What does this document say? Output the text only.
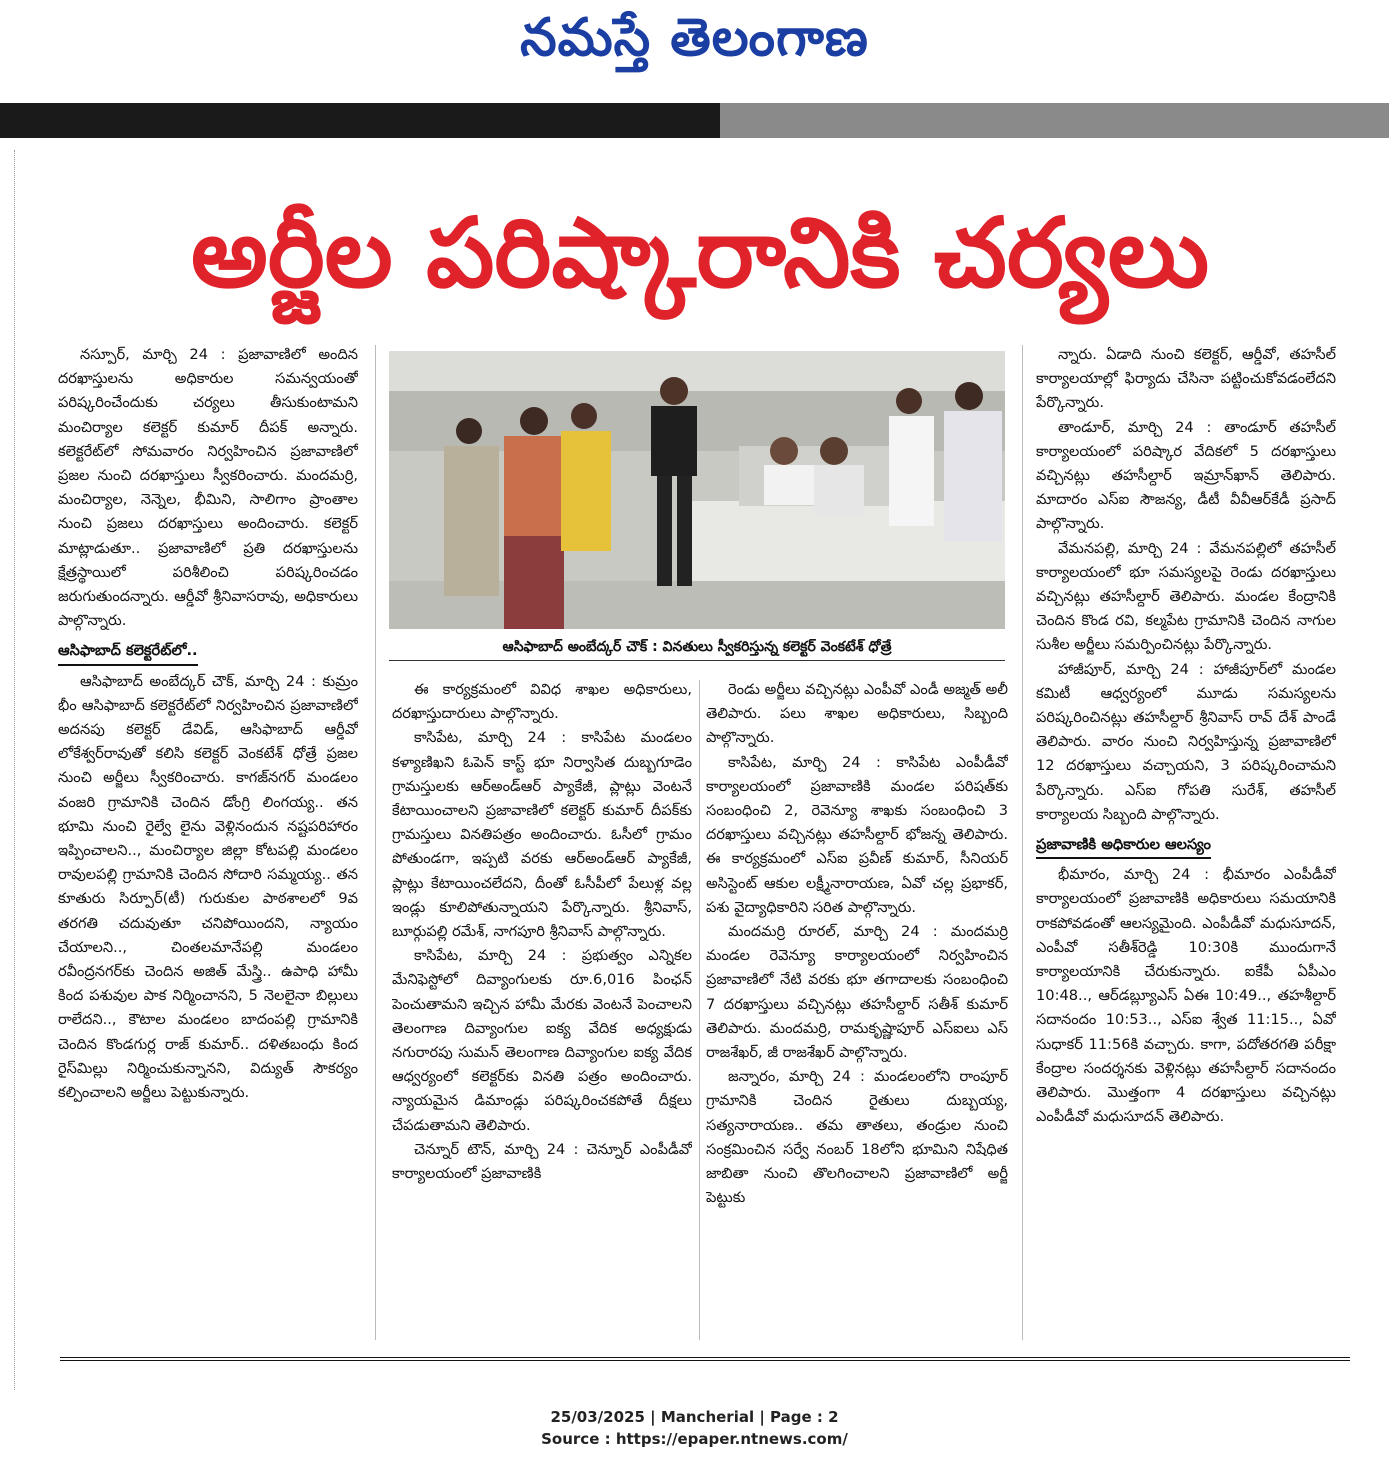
నమస్తే తెలంగాణ
అర్జీల పరిష్కారానికి చర్యలు

నస్పూర్, మార్చి 24 : ప్రజావాణిలో అందిన దరఖాస్తులను అధికారుల సమన్వయంతో పరిష్కరించేందుకు చర్యలు తీసుకుంటామని మంచిర్యాల కలెక్టర్ కుమార్ దీపక్ అన్నారు. కలెక్టరేట్‌లో సోమవారం నిర్వహించిన ప్రజావాణిలో ప్రజల నుంచి దరఖాస్తులు స్వీకరించారు. మందమర్రి, మంచిర్యాల, నెన్నెల, భీమిని, సాలిగాం ప్రాంతాల నుంచి ప్రజలు దరఖాస్తులు అందించారు. కలెక్టర్ మాట్లాడుతూ.. ప్రజావాణిలో ప్రతి దరఖాస్తులను క్షేత్రస్థాయిలో పరిశీలించి పరిష్కరించడం జరుగుతుందన్నారు. ఆర్డీవో శ్రీనివాసరావు, అధికారులు పాల్గొన్నారు.

ఆసిఫాబాద్ కలెక్టరేట్‌లో..

ఆసిఫాబాద్ అంబేద్కర్ చౌక్, మార్చి 24 : కుమ్రం భీం ఆసిఫాబాద్ కలెక్టరేట్‌లో నిర్వహించిన ప్రజావాణిలో అదనపు కలెక్టర్ డేవిడ్, ఆసిఫాబాద్ ఆర్డీవో లోకేశ్వర్‌రావుతో కలిసి కలెక్టర్ వెంకటేశ్ ధోత్రే ప్రజల నుంచి అర్జీలు స్వీకరించారు. కాగజ్‌నగర్ మండలం వంజరి గ్రామానికి చెందిన డోంగ్రి లింగయ్య.. తన భూమి నుంచి రైల్వే లైను వెళ్లినందున నష్టపరిహారం ఇప్పించాలని.., మంచిర్యాల జిల్లా కోటపల్లి మండలం రావులపల్లి గ్రామానికి చెందిన సోదారి సమ్మయ్య.. తన కూతురు సిర్పూర్(టీ) గురుకుల పాఠశాలలో 9వ తరగతి చదువుతూ చనిపోయిందని, న్యాయం చేయాలని.., చింతలమానేపల్లి మండలం రవీంద్రనగర్‌కు చెందిన అజిత్ మేస్త్రి.. ఉపాధి హామీ కింద పశువుల పాక నిర్మించానని, 5 నెలలైనా బిల్లులు రాలేదని.., కౌటాల మండలం బాదంపల్లి గ్రామానికి చెందిన కొండగుర్ల రాజ్ కుమార్.. దళితబంధు కింద రైస్‌మిల్లు నిర్మించుకున్నానని, విద్యుత్ సౌకర్యం కల్పించాలని అర్జీలు పెట్టుకున్నారు.

ఆసిఫాబాద్ అంబేద్కర్ చౌక్ : వినతులు స్వీకరిస్తున్న కలెక్టర్ వెంకటేశ్ ధోత్రే

ఈ కార్యక్రమంలో వివిధ శాఖల అధికారులు, దరఖాస్తుదారులు పాల్గొన్నారు.

కాసిపేట, మార్చి 24 : కాసిపేట మండలం కళ్యాణిఖని ఓపెన్ కాస్ట్ భూ నిర్వాసిత దుబ్బగూడెం గ్రామస్తులకు ఆర్‌అండ్‌ఆర్ ప్యాకేజీ, ప్లాట్లు వెంటనే కేటాయించాలని ప్రజావాణిలో కలెక్టర్ కుమార్ దీపక్‌కు గ్రామస్తులు వినతిపత్రం అందించారు. ఓసీలో గ్రామం పోతుండగా, ఇప్పటి వరకు ఆర్‌అండ్‌ఆర్ ప్యాకేజీ, ప్లాట్లు కేటాయించలేదని, దీంతో ఓసీపీలో పేలుళ్ల వల్ల ఇండ్లు కూలిపోతున్నాయని పేర్కొన్నారు. శ్రీనివాస్, బూర్గుపల్లి రమేశ్, నాగపూరి శ్రీనివాస్ పాల్గొన్నారు.

కాసిపేట, మార్చి 24 : ప్రభుత్వం ఎన్నికల మేనిఫెస్టోలో దివ్యాంగులకు రూ.6,016 పింఛన్ పెంచుతామని ఇచ్చిన హామీ మేరకు వెంటనే పెంచాలని తెలంగాణ దివ్యాంగుల ఐక్య వేదిక అధ్యక్షుడు నగురారపు సుమన్ తెలంగాణ దివ్యాంగుల ఐక్య వేదిక ఆధ్వర్యంలో కలెక్టర్‌కు వినతి పత్రం అందించారు. న్యాయమైన డిమాండ్లు పరిష్కరించకపోతే దీక్షలు చేపడుతామని తెలిపారు.

చెన్నూర్ టౌన్, మార్చి 24 : చెన్నూర్ ఎంపీడీవో కార్యాలయంలో ప్రజావాణికి

రెండు అర్జీలు వచ్చినట్లు ఎంపీవో ఎండీ అజ్మత్ అలీ తెలిపారు. పలు శాఖల అధికారులు, సిబ్బంది పాల్గొన్నారు.

కాసిపేట, మార్చి 24 : కాసిపేట ఎంపీడీవో కార్యాలయంలో ప్రజావాణికి మండల పరిషత్‌కు సంబంధించి 2, రెవెన్యూ శాఖకు సంబంధించి 3 దరఖాస్తులు వచ్చినట్లు తహసీల్దార్ భోజన్న తెలిపారు. ఈ కార్యక్రమంలో ఎస్ఐ ప్రవీణ్ కుమార్, సీనియర్ అసిస్టెంట్ ఆకుల లక్ష్మీనారాయణ, ఏవో చల్ల ప్రభాకర్, పశు వైద్యాధికారిని సరిత పాల్గొన్నారు.

మందమర్రి రూరల్, మార్చి 24 : మందమర్రి మండల రెవెన్యూ కార్యాలయంలో నిర్వహించిన ప్రజావాణిలో నేటి వరకు భూ తగాదాలకు సంబంధించి 7 దరఖాస్తులు వచ్చినట్లు తహసీల్దార్ సతీశ్ కుమార్ తెలిపారు. మందమర్రి, రామకృష్ణాపూర్ ఎస్ఐలు ఎస్ రాజశేఖర్, జీ రాజశేఖర్ పాల్గొన్నారు.

జన్నారం, మార్చి 24 : మండలంలోని రాంపూర్ గ్రామానికి చెందిన రైతులు దుబ్బయ్య, సత్యనారాయణ.. తమ తాతలు, తండ్రుల నుంచి సంక్రమించిన సర్వే నంబర్ 18లోని భూమిని నిషేధిత జాబితా నుంచి తొలగించాలని ప్రజావాణిలో అర్జీ పెట్టుకు

న్నారు. ఏడాది నుంచి కలెక్టర్, ఆర్డీవో, తహసీల్ కార్యాలయాల్లో ఫిర్యాదు చేసినా పట్టించుకోవడంలేదని పేర్కొన్నారు.

తాండూర్, మార్చి 24 : తాండూర్ తహసీల్ కార్యాలయంలో పరిష్కార వేదికలో 5 దరఖాస్తులు వచ్చినట్లు తహసీల్దార్ ఇమ్రాన్‌ఖాన్ తెలిపారు. మాదారం ఎస్ఐ సౌజన్య, డీటీ వీవీఆర్‌కేడీ ప్రసాద్ పాల్గొన్నారు.

వేమనపల్లి, మార్చి 24 : వేమనపల్లిలో తహసీల్ కార్యాలయంలో భూ సమస్యలపై రెండు దరఖాస్తులు వచ్చినట్లు తహసీల్దార్ తెలిపారు. మండల కేంద్రానికి చెందిన కొండ రవి, కల్మపేట గ్రామానికి చెందిన నాగుల సుశీల అర్జీలు సమర్పించినట్లు పేర్కొన్నారు.

హాజీపూర్, మార్చి 24 : హాజీపూర్‌లో మండల కమిటీ ఆధ్వర్యంలో మూడు సమస్యలను పరిష్కరించినట్లు తహసీల్దార్ శ్రీనివాస్ రావ్ దేశ్ పాండే తెలిపారు. వారం నుంచి నిర్వహిస్తున్న ప్రజావాణిలో 12 దరఖాస్తులు వచ్చాయని, 3 పరిష్కరించామని పేర్కొన్నారు. ఎస్ఐ గోపతి సురేశ్, తహసీల్ కార్యాలయ సిబ్బంది పాల్గొన్నారు.

ప్రజావాణికి అధికారుల ఆలస్యం

భీమారం, మార్చి 24 : భీమారం ఎంపీడీవో కార్యాలయంలో ప్రజావాణికి అధికారులు సమయానికి రాకపోవడంతో ఆలస్యమైంది. ఎంపీడీవో మధుసూదన్, ఎంపీవో సతీశ్‌రెడ్డి 10:30కి ముందుగానే కార్యాలయానికి చేరుకున్నారు. ఐకేపీ ఏపీఎం 10:48.., ఆర్‌డబ్ల్యూఎస్ ఏఈ 10:49.., తహశీల్దార్ సదానందం 10:53.., ఎస్ఐ శ్వేత 11:15.., ఏవో సుధాకర్ 11:56కి వచ్చారు. కాగా, పదోతరగతి పరీక్షా కేంద్రాల సందర్శనకు వెళ్లినట్లు తహసీల్దార్ సదానందం తెలిపారు. మొత్తంగా 4 దరఖాస్తులు వచ్చినట్లు ఎంపీడీవో మధుసూదన్ తెలిపారు.

25/03/2025 | Mancherial | Page : 2
Source : https://epaper.ntnews.com/
